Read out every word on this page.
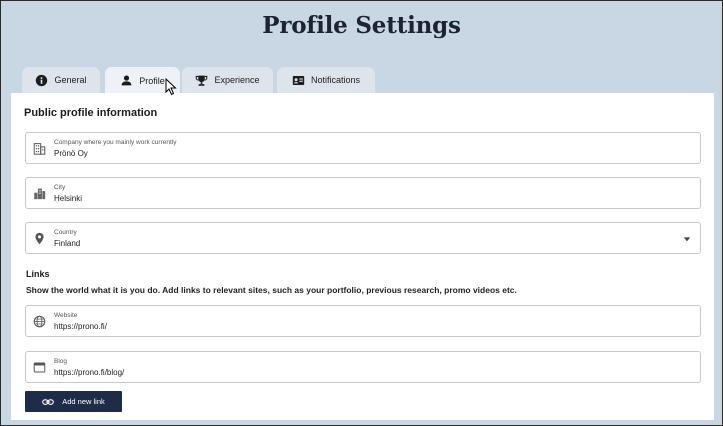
Profile Settings
General	Profile	Experience	Notifications
Public profile information
Company where you mainly work currently
Prönö Oy
City
Helsinki
Country
Finland
Links

Show the world what it is you do. Add links to relevant sites, such as your portfolio, previous research, promo videos etc.

Website
https://prono.fi/
Blog
https://prono.fi/blog/
Add new link
